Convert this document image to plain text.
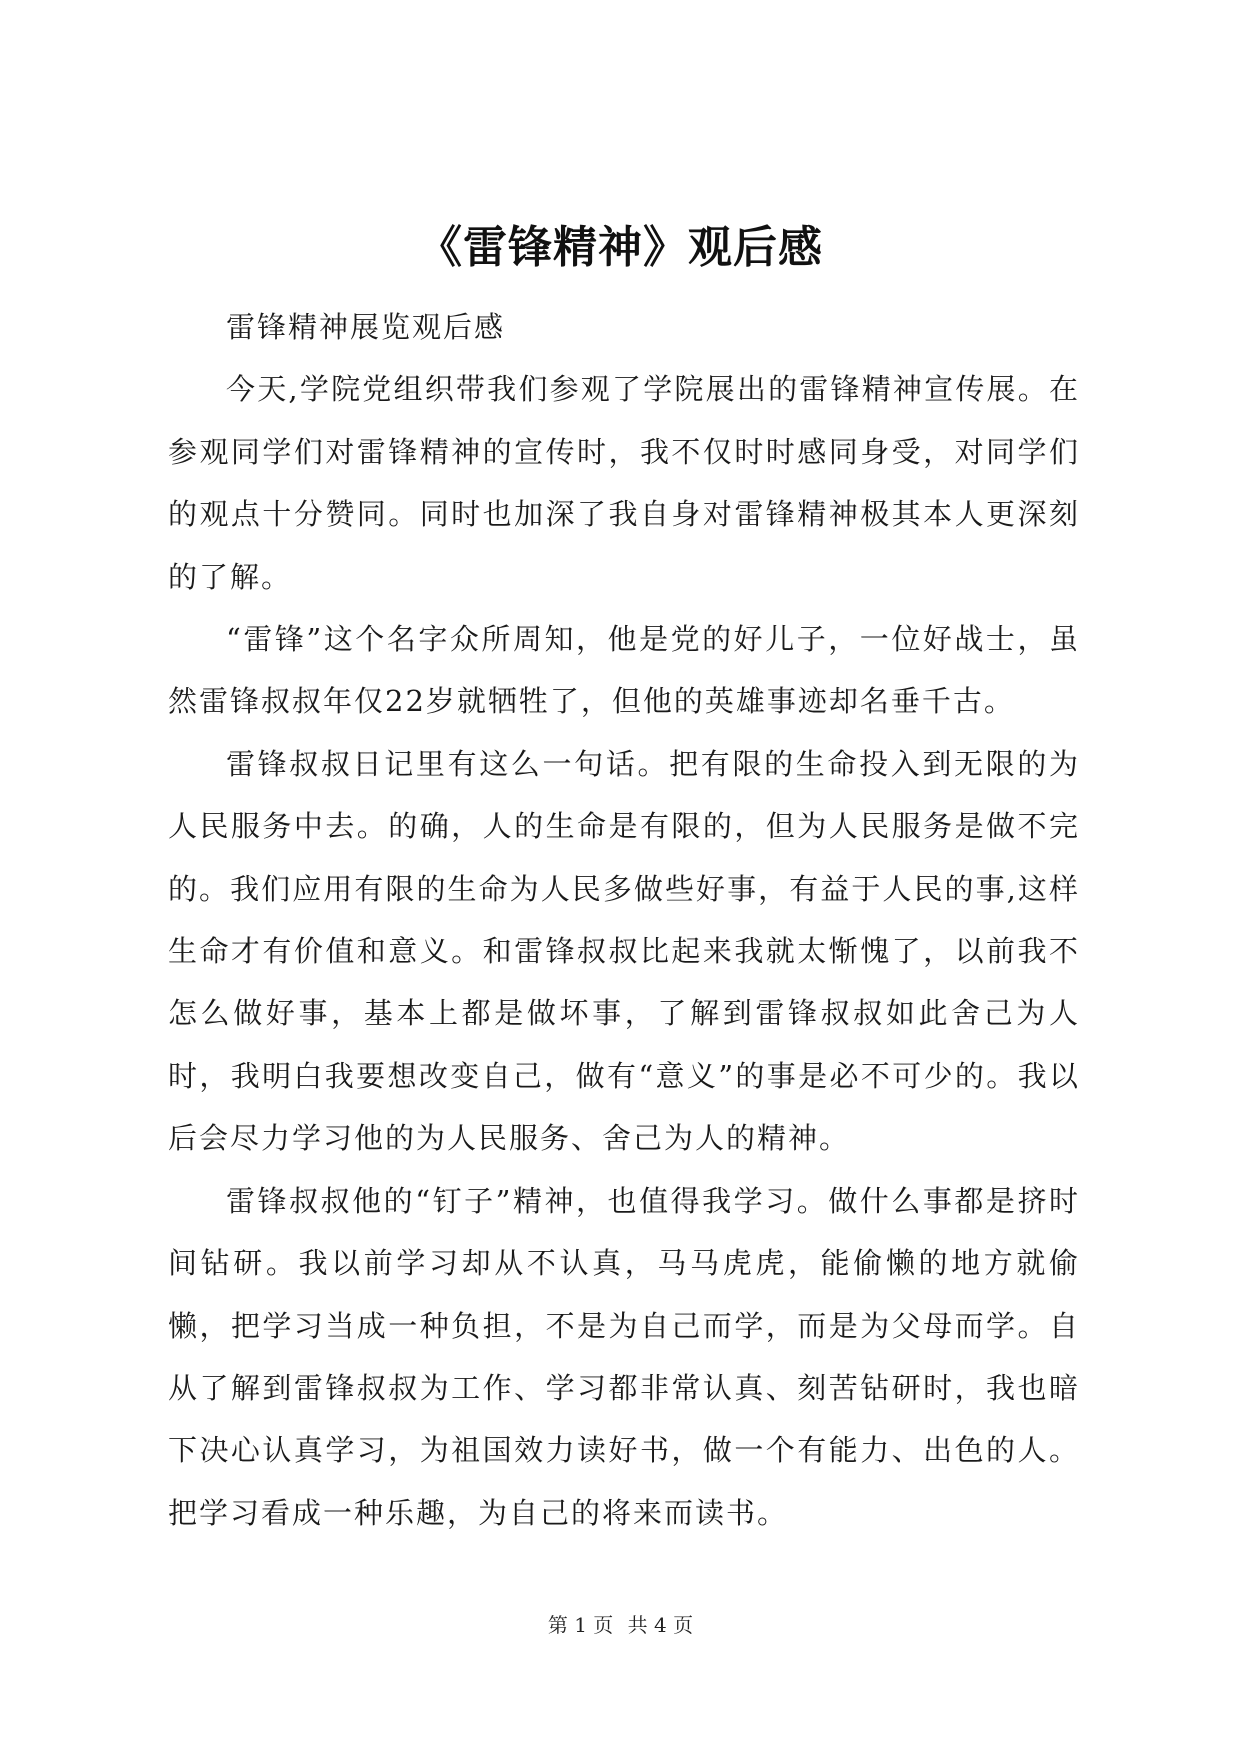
《雷锋精神》观后感

雷锋精神展览观后感

今天,学院党组织带我们参观了学院展出的雷锋精神宣传展。在参观同学们对雷锋精神的宣传时，我不仅时时感同身受，对同学们的观点十分赞同。同时也加深了我自身对雷锋精神极其本人更深刻的了解。

“雷锋”这个名字众所周知，他是党的好儿子，一位好战士，虽然雷锋叔叔年仅22岁就牺牲了，但他的英雄事迹却名垂千古。

雷锋叔叔日记里有这么一句话。把有限的生命投入到无限的为人民服务中去。的确，人的生命是有限的，但为人民服务是做不完的。我们应用有限的生命为人民多做些好事，有益于人民的事,这样生命才有价值和意义。和雷锋叔叔比起来我就太惭愧了，以前我不怎么做好事，基本上都是做坏事，了解到雷锋叔叔如此舍己为人时，我明白我要想改变自己，做有“意义”的事是必不可少的。我以后会尽力学习他的为人民服务、舍己为人的精神。

雷锋叔叔他的“钉子”精神，也值得我学习。做什么事都是挤时间钻研。我以前学习却从不认真，马马虎虎，能偷懒的地方就偷懒，把学习当成一种负担，不是为自己而学，而是为父母而学。自从了解到雷锋叔叔为工作、学习都非常认真、刻苦钻研时，我也暗下决心认真学习，为祖国效力读好书，做一个有能力、出色的人。把学习看成一种乐趣，为自己的将来而读书。

第 1 页 共 4 页
